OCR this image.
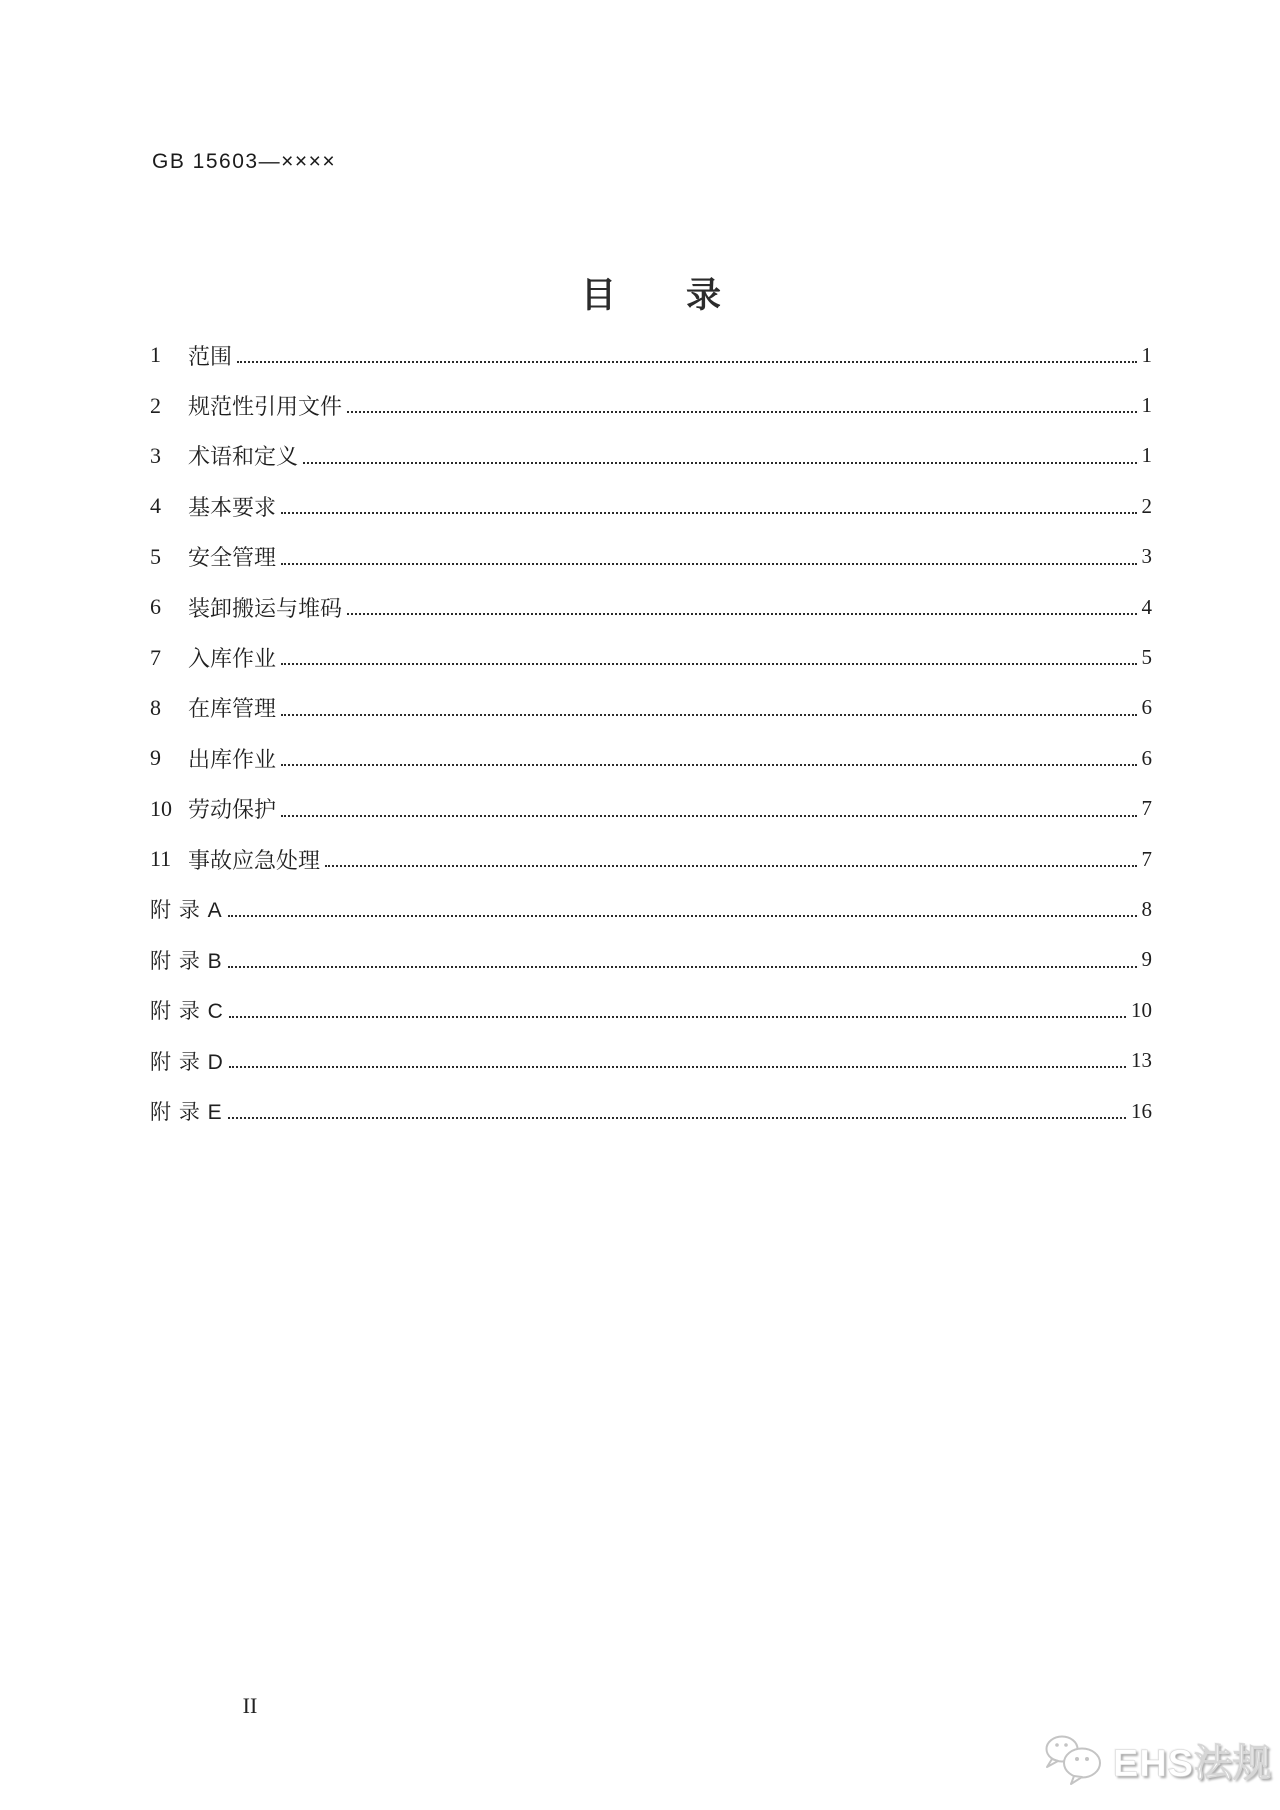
GB 15603—××××
目　　录
1	范围	1
2	规范性引用文件	1
3	术语和定义	1
4	基本要求	2
5	安全管理	3
6	装卸搬运与堆码	4
7	入库作业	5
8	在库管理	6
9	出库作业	6
10 劳动保护	7
11 事故应急处理	7
附 录 A	8
附 录 B	9
附 录 C	10
附 录 D	13
附 录 E	16
II
EHS法规
